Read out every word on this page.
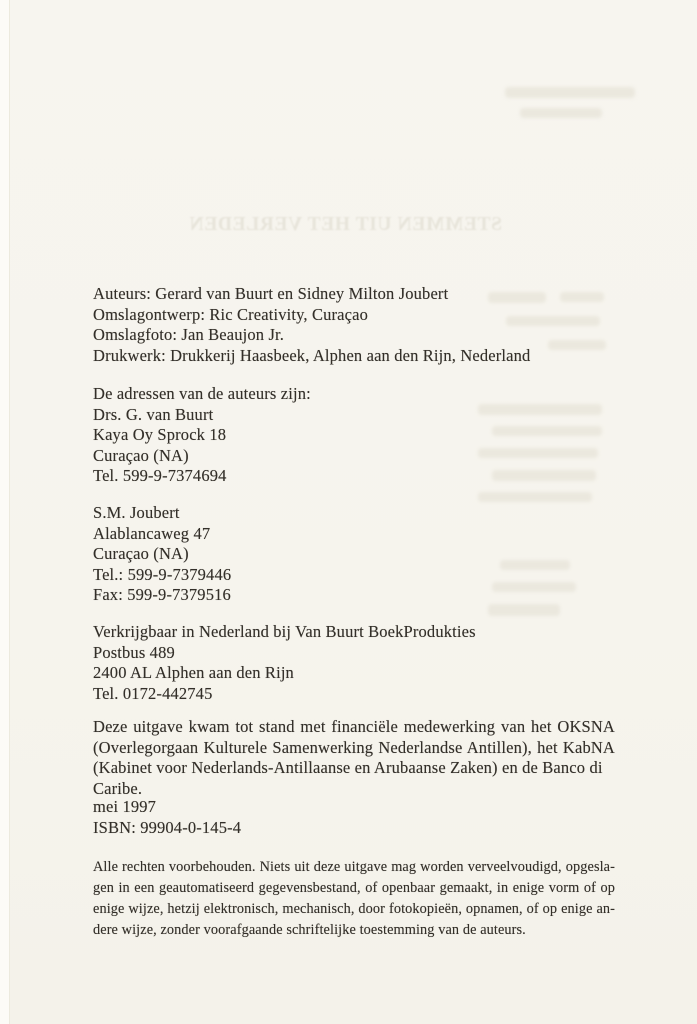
STEMMEN UIT HET VERLEDEN
Auteurs: Gerard van Buurt en Sidney Milton Joubert
Omslagontwerp: Ric Creativity, Curaçao
Omslagfoto: Jan Beaujon Jr.
Drukwerk: Drukkerij Haasbeek, Alphen aan den Rijn, Nederland
De adressen van de auteurs zijn:
Drs. G. van Buurt
Kaya Oy Sprock 18
Curaçao (NA)
Tel. 599-9-7374694
S.M. Joubert
Alablancaweg 47
Curaçao (NA)
Tel.: 599-9-7379446
Fax: 599-9-7379516
Verkrijgbaar in Nederland bij Van Buurt BoekProdukties
Postbus 489
2400 AL Alphen aan den Rijn
Tel. 0172-442745
Deze uitgave kwam tot stand met financiële medewerking van het OKSNA
(Overlegorgaan Kulturele Samenwerking Nederlandse Antillen), het KabNA
(Kabinet voor Nederlands-Antillaanse en Arubaanse Zaken) en de Banco di Caribe.
mei 1997
ISBN: 99904-0-145-4
Alle rechten voorbehouden. Niets uit deze uitgave mag worden verveelvoudigd, opgesla-
gen in een geautomatiseerd gegevensbestand, of openbaar gemaakt, in enige vorm of op
enige wijze, hetzij elektronisch, mechanisch, door fotokopieën, opnamen, of op enige an-
dere wijze, zonder voorafgaande schriftelijke toestemming van de auteurs.
